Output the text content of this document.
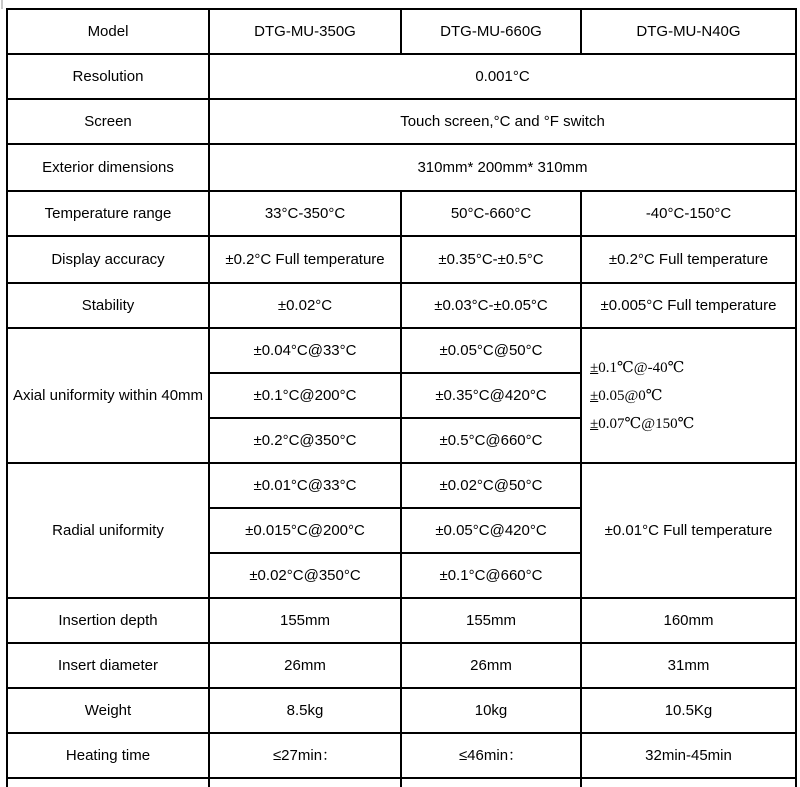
Model	DTG-MU-350G	DTG-MU-660G	DTG-MU-N40G
Resolution	0.001°C		
Screen	Touch screen,°C and °F switch		
Exterior dimensions	310mm* 200mm* 310mm		
Temperature range	33°C-350°C	50°C-660°C	-40°C-150°C
Display accuracy	±0.2°C Full temperature	±0.35°C-±0.5°C	±0.2°C Full temperature
Stability	±0.02°C	±0.03°C-±0.05°C	±0.005°C Full temperature
Axial uniformity within 40mm	±0.04°C@33°C	±0.05°C@50°C	±0.1℃@-40℃
±0.05@0℃
±0.07℃@150℃

	±0.1°C@200°C	±0.35°C@420°C	
	±0.2°C@350°C	±0.5°C@660°C	
Radial uniformity	±0.01°C@33°C	±0.02°C@50°C	±0.01°C Full temperature
	±0.015°C@200°C	±0.05°C@420°C	
	±0.02°C@350°C	±0.1°C@660°C	
Insertion depth	155mm	155mm	160mm
Insert diameter	26mm	26mm	31mm
Weight	8.5kg	10kg	10.5Kg
Heating time	≤27min：	≤46min：	32min-45min
